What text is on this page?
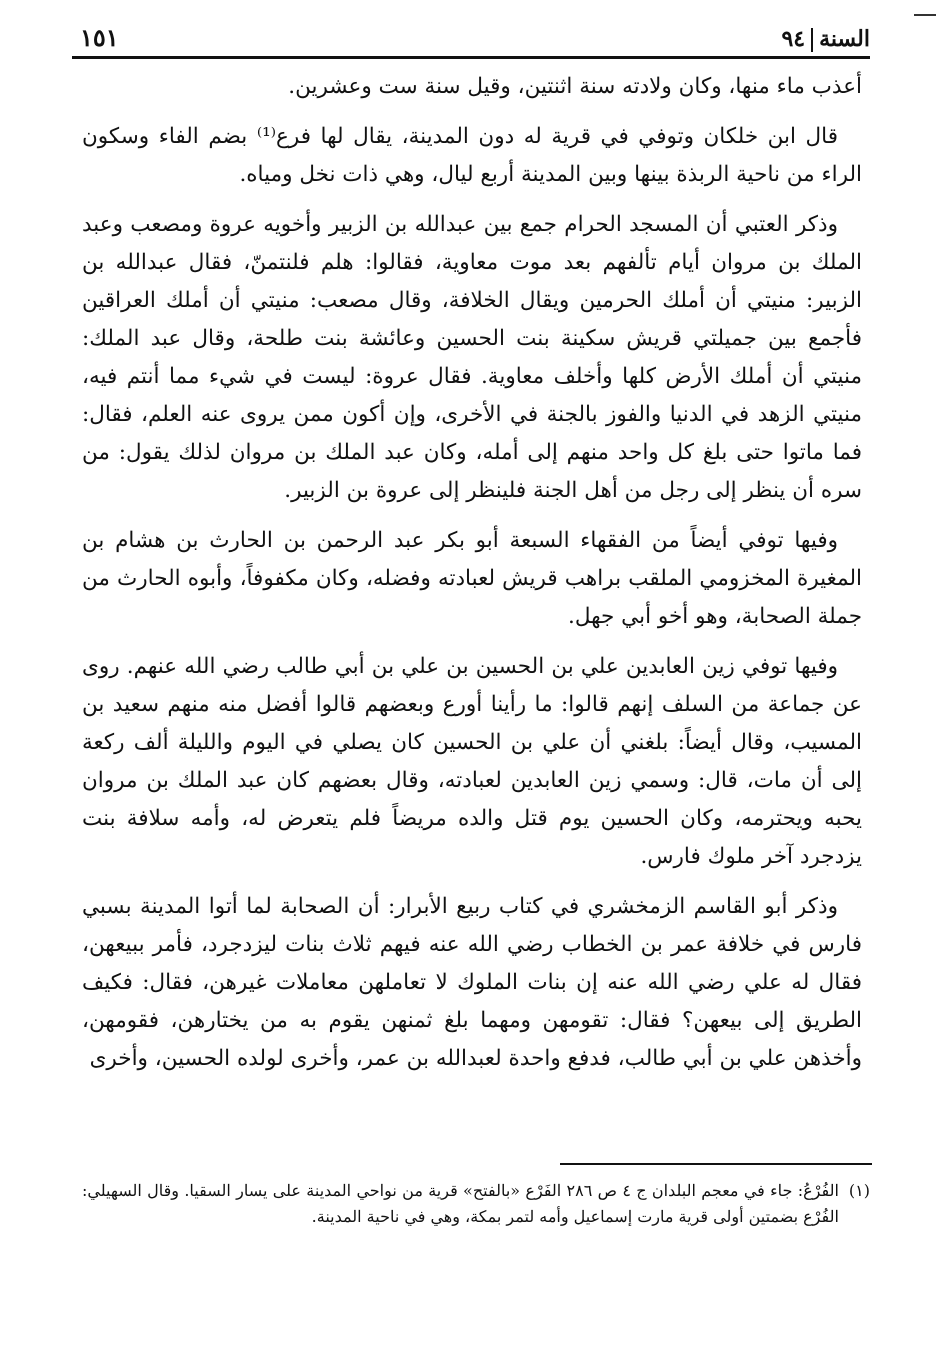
١٥١	السنة
٩٤

أعذب ماء منها، وكان ولادته سنة اثنتين، وقيل سنة ست وعشرين.

قال ابن خلكان وتوفي في قرية له دون المدينة، يقال لها فرع⁽¹⁾ بضم الفاء وسكون الراء من ناحية الربذة بينها وبين المدينة أربع ليال، وهي ذات نخل ومياه.

وذكر العتبي أن المسجد الحرام جمع بين عبدالله بن الزبير وأخويه عروة ومصعب وعبد الملك بن مروان أيام تألفهم بعد موت معاوية، فقالوا: هلم فلنتمنّ، فقال عبدالله بن الزبير: منيتي أن أملك الحرمين ويقال الخلافة، وقال مصعب: منيتي أن أملك العراقين فأجمع بين جميلتي قريش سكينة بنت الحسين وعائشة بنت طلحة، وقال عبد الملك: منيتي أن أملك الأرض كلها وأخلف معاوية. فقال عروة: ليست في شيء مما أنتم فيه، منيتي الزهد في الدنيا والفوز بالجنة في الأخرى، وإن أكون ممن يروى عنه العلم، فقال: فما ماتوا حتى بلغ كل واحد منهم إلى أمله، وكان عبد الملك بن مروان لذلك يقول: من سره أن ينظر إلى رجل من أهل الجنة فلينظر إلى عروة بن الزبير.

وفيها توفي أيضاً من الفقهاء السبعة أبو بكر عبد الرحمن بن الحارث بن هشام بن المغيرة المخزومي الملقب براهب قريش لعبادته وفضله، وكان مكفوفاً، وأبوه الحارث من جملة الصحابة، وهو أخو أبي جهل.

وفيها توفي زين العابدين علي بن الحسين بن علي بن أبي طالب رضي الله عنهم. روى عن جماعة من السلف إنهم قالوا: ما رأينا أورع وبعضهم قالوا أفضل منه منهم سعيد بن المسيب، وقال أيضاً: بلغني أن علي بن الحسين كان يصلي في اليوم والليلة ألف ركعة إلى أن مات، قال: وسمي زين العابدين لعبادته، وقال بعضهم كان عبد الملك بن مروان يحبه ويحترمه، وكان الحسين يوم قتل والده مريضاً فلم يتعرض له، وأمه سلافة بنت يزدجرد آخر ملوك فارس.

وذكر أبو القاسم الزمخشري في كتاب ربيع الأبرار: أن الصحابة لما أتوا المدينة بسبي فارس في خلافة عمر بن الخطاب رضي الله عنه فيهم ثلاث بنات ليزدجرد، فأمر ببيعهن، فقال له علي رضي الله عنه إن بنات الملوك لا تعاملهن معاملات غيرهن، فقال: فكيف الطريق إلى بيعهن؟ فقال: تقومهن ومهما بلغ ثمنهن يقوم به من يختارهن، فقومهن، وأخذهن علي بن أبي طالب، فدفع واحدة لعبدالله بن عمر، وأخرى لولده الحسين، وأخرى

(١)
الفُرْعُ: جاء في معجم البلدان ج ٤ ص ٢٨٦ الفَرْع «بالفتح» قرية من نواحي المدينة على يسار السقيا. وقال السهيلي: الفُرْع بضمتين أولى قرية مارت إسماعيل وأمه لتمر بمكة، وهي في ناحية المدينة.
